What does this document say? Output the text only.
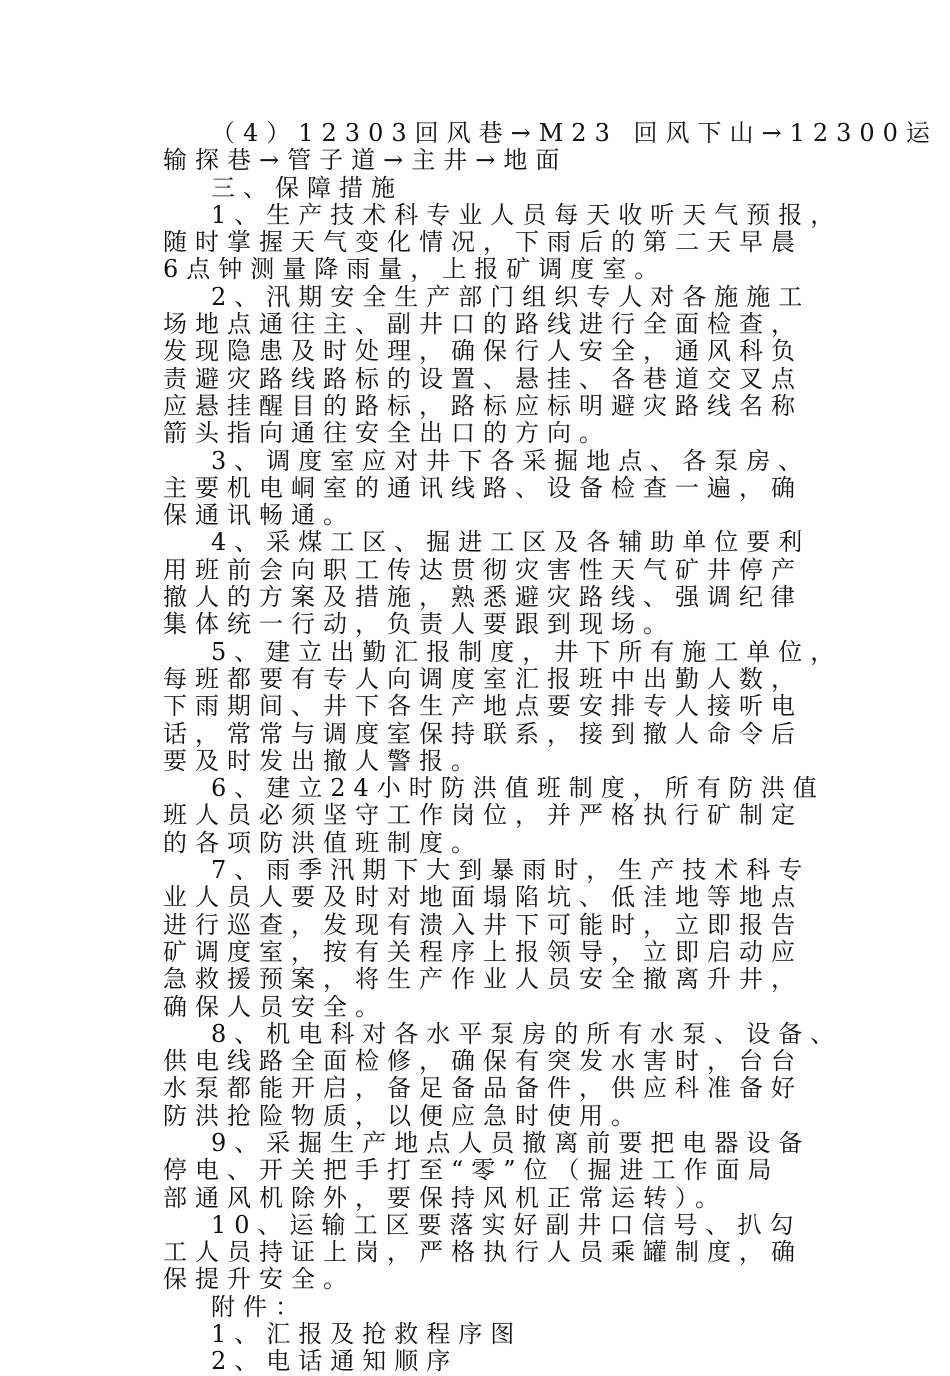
（4）12303回风巷→M23 回风下山→12300运
输探巷→管子道→主井→地面
三、保障措施
1、生产技术科专业人员每天收听天气预报，
随时掌握天气变化情况，下雨后的第二天早晨
6点钟测量降雨量，上报矿调度室。
2、汛期安全生产部门组织专人对各施施工
场地点通往主、副井口的路线进行全面检查，
发现隐患及时处理，确保行人安全，通风科负
责避灾路线路标的设置、悬挂、各巷道交叉点
应悬挂醒目的路标，路标应标明避灾路线名称
箭头指向通往安全出口的方向。
3、调度室应对井下各采掘地点、各泵房、
主要机电峒室的通讯线路、设备检查一遍，确
保通讯畅通。
4、采煤工区、掘进工区及各辅助单位要利
用班前会向职工传达贯彻灾害性天气矿井停产
撤人的方案及措施，熟悉避灾路线、强调纪律
集体统一行动，负责人要跟到现场。
5、建立出勤汇报制度，井下所有施工单位，
每班都要有专人向调度室汇报班中出勤人数，
下雨期间、井下各生产地点要安排专人接听电
话，常常与调度室保持联系，接到撤人命令后
要及时发出撤人警报。
6、建立24小时防洪值班制度，所有防洪值
班人员必须坚守工作岗位，并严格执行矿制定
的各项防洪值班制度。
7、雨季汛期下大到暴雨时，生产技术科专
业人员人要及时对地面塌陷坑、低洼地等地点
进行巡查，发现有溃入井下可能时，立即报告
矿调度室，按有关程序上报领导，立即启动应
急救援预案，将生产作业人员安全撤离升井，
确保人员安全。
8、机电科对各水平泵房的所有水泵、设备、
供电线路全面检修，确保有突发水害时，台台
水泵都能开启，备足备品备件，供应科准备好
防洪抢险物质，以便应急时使用。
9、采掘生产地点人员撤离前要把电器设备
停电、开关把手打至“零”位（掘进工作面局
部通风机除外，要保持风机正常运转）。
10、运输工区要落实好副井口信号、扒勾
工人员持证上岗，严格执行人员乘罐制度，确
保提升安全。
附件：
1、汇报及抢救程序图
2、电话通知顺序
